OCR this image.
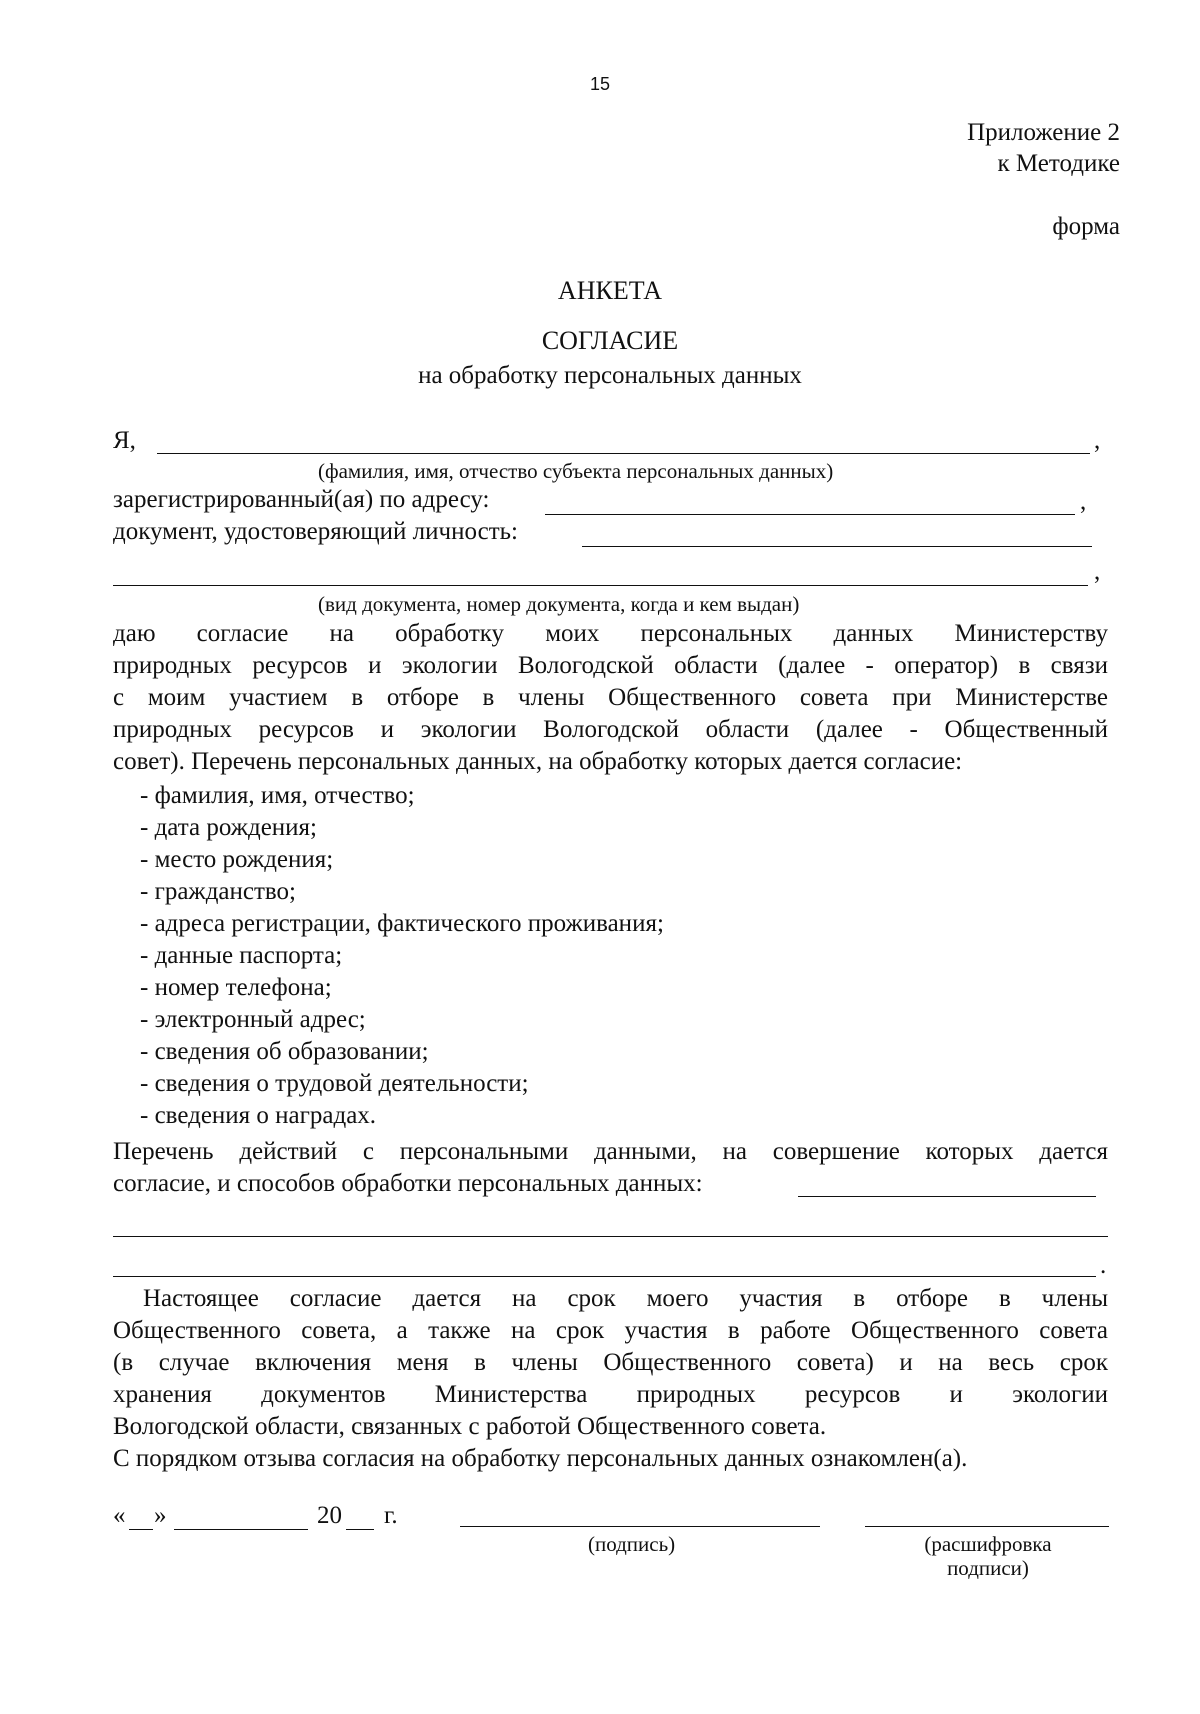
15
Приложение 2
к Методике
форма
АНКЕТА
СОГЛАСИЕ
на обработку персональных данных
Я,	,
(фамилия, имя, отчество субъекта персональных данных)
зарегистрированный(ая) по адресу:	,
документ, удостоверяющий личность:
,
(вид документа, номер документа, когда и кем выдан)
даю согласие на обработку моих персональных данных Министерству
природных ресурсов и экологии Вологодской области (далее - оператор) в связи
с моим участием в отборе в члены Общественного совета при Министерстве
природных ресурсов и экологии Вологодской области (далее - Общественный
совет). Перечень персональных данных, на обработку которых дается согласие:
- фамилия, имя, отчество;
- дата рождения;
- место рождения;
- гражданство;
- адреса регистрации, фактического проживания;
- данные паспорта;
- номер телефона;
- электронный адрес;
- сведения об образовании;
- сведения о трудовой деятельности;
- сведения о наградах.
Перечень действий с персональными данными, на совершение которых дается
согласие, и способов обработки персональных данных:
.
Настоящее согласие дается на срок моего участия в отборе в члены
Общественного совета, а также на срок участия в работе Общественного совета
(в случае включения меня в члены Общественного совета) и на весь срок
хранения документов Министерства природных ресурсов и экологии
Вологодской области, связанных с работой Общественного совета.
С порядком отзыва согласия на обработку персональных данных ознакомлен(а).
« »	20 г.
(подпись)	(расшифровка
подписи)
